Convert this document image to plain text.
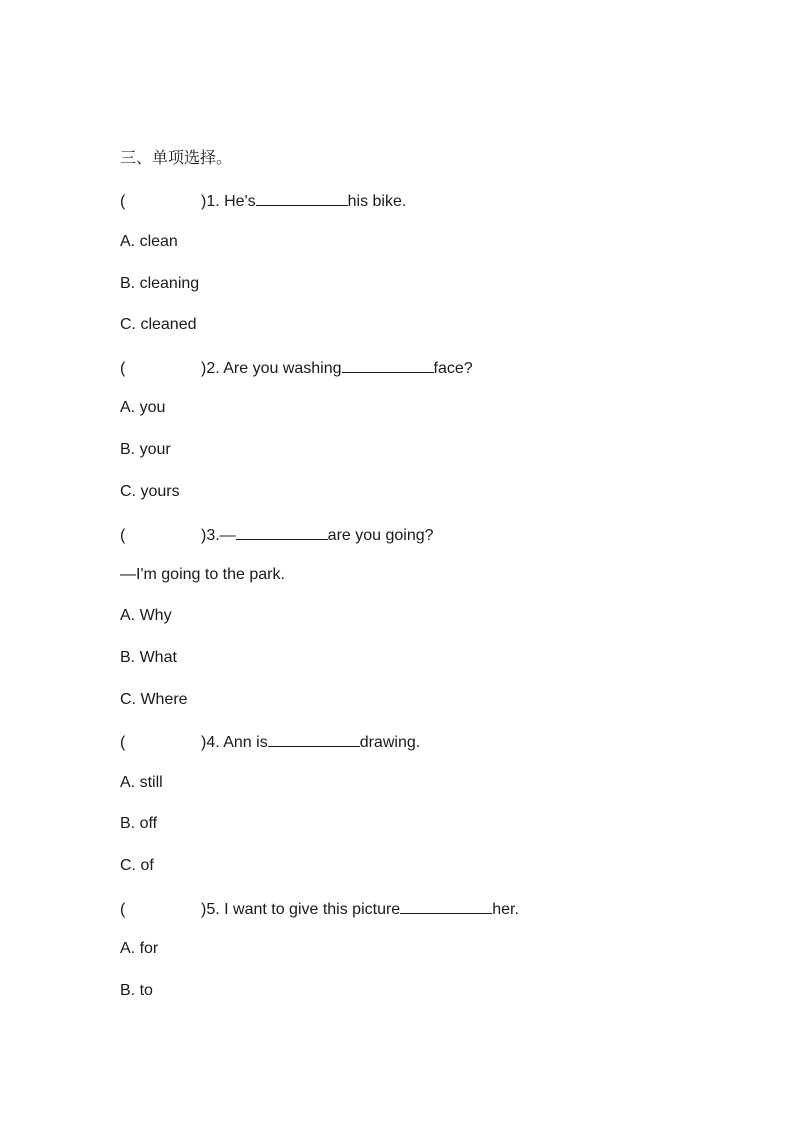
三、单项选择。
(	)1. He's	his bike.
A. clean
B. cleaning
C. cleaned
(	)2. Are you washing	face?
A. you
B. your
C. yours
(	)3.—	are you going?
—I'm going to the park.
A. Why
B. What
C. Where
(	)4. Ann is	drawing.
A. still
B. off
C. of
(	)5. I want to give this picture	her.
A. for
B. to
